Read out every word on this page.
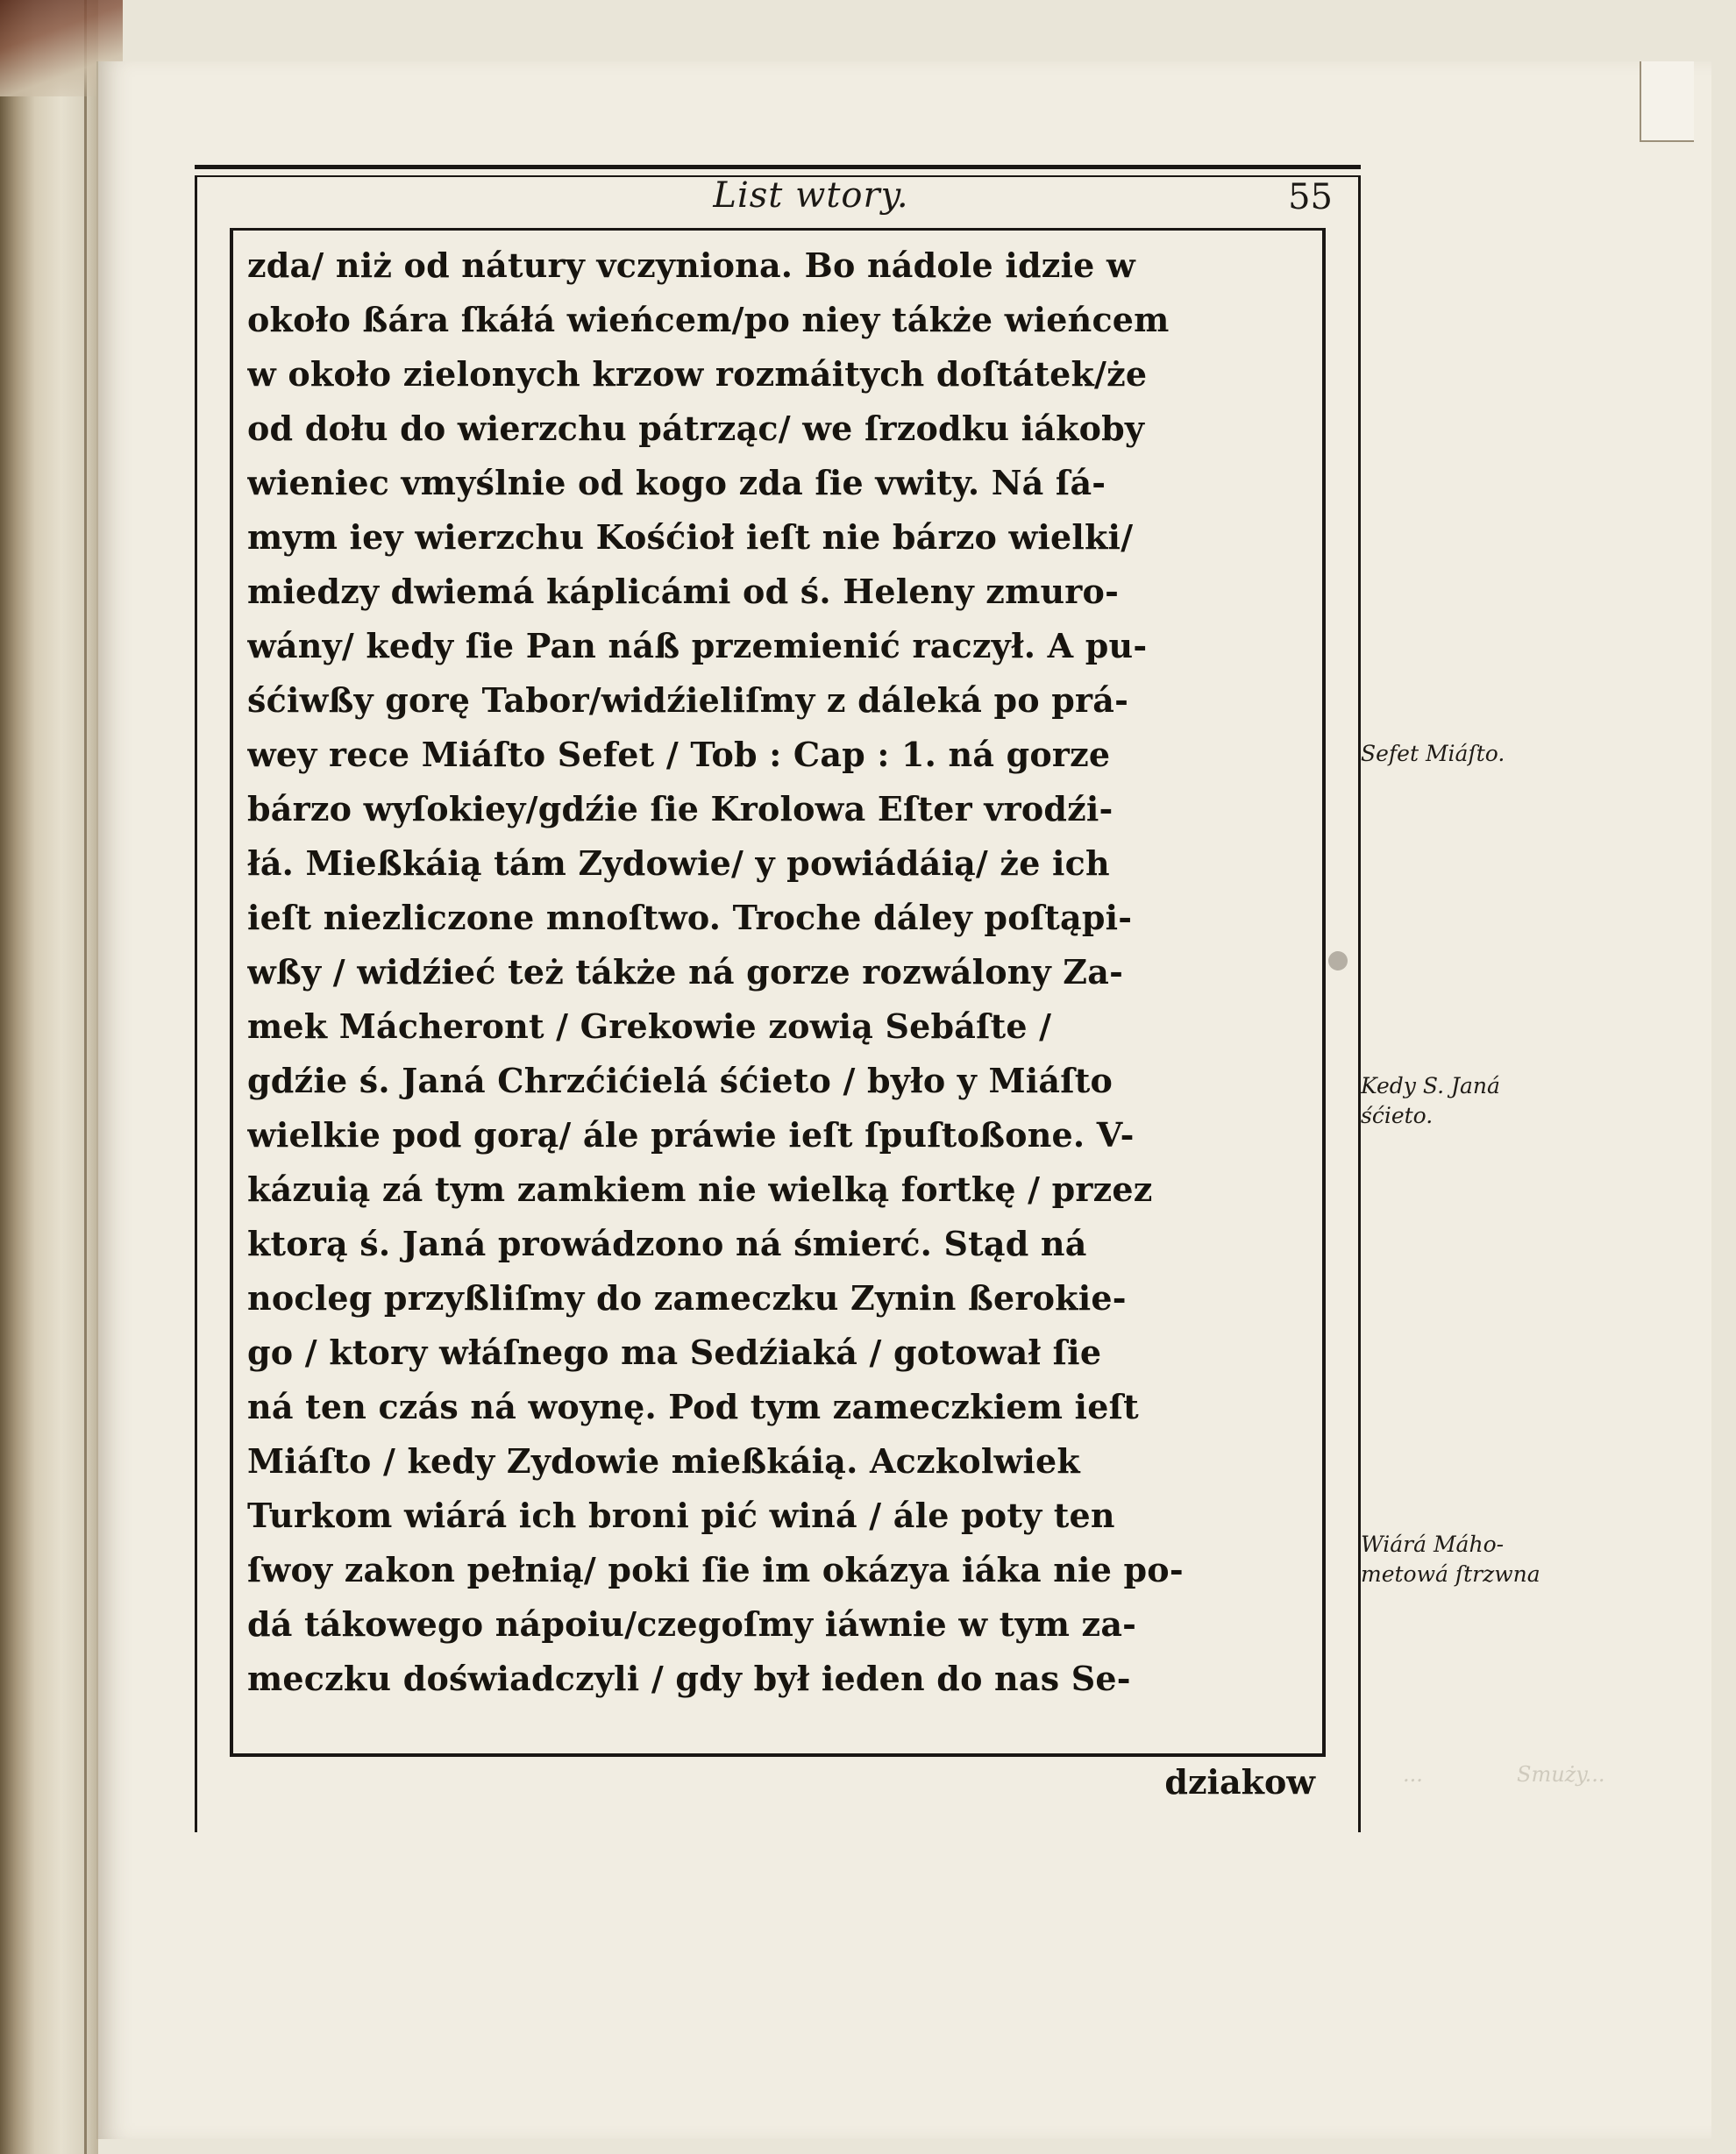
List wtory.	55
zda/ niż od nátury vczyniona. Bo nádole idzie w
około ßára ſkáłá wieńcem/po niey tákże wieńcem
w około zielonych krzow rozmáitych doſtátek/że
od dołu do wierzchu pátrząc/ we ſrzodku iákoby
wieniec vmyślnie od kogo zda ſie vwity. Ná ſá-
mym iey wierzchu Kośćioł ieſt nie bárzo wielki/
miedzy dwiemá káplicámi od ś. Heleny zmuro-
wány/ kedy ſie Pan náß przemienić raczył. A pu-
śćiwßy gorę Tabor/widźieliſmy z dáleká po prá-
wey rece Miáſto Sefet / Tob : Cap : 1. ná gorze
bárzo wyſokiey/gdźie ſie Krolowa Eſter vrodźi-
łá. Mießkáią tám Zydowie/ y powiádáią/ że ich
ieſt niezliczone mnoſtwo. Troche dáley poſtąpi-
wßy / widźieć też tákże ná gorze rozwálony Za-
mek Mácheront / Grekowie zowią Sebáſte /
gdźie ś. Janá Chrzćićielá śćieto / było y Miáſto
wielkie pod gorą/ ále práwie ieſt ſpuſtoßone. V-
kázuią zá tym zamkiem nie wielką fortkę / przez
ktorą ś. Janá prowádzono ná śmierć. Stąd ná
nocleg przyßliſmy do zameczku Zynin ßerokie-
go / ktory włáſnego ma Sedźiaká / gotował ſie
ná ten czás ná woynę. Pod tym zameczkiem ieſt
Miáſto / kedy Zydowie mießkáią. Aczkolwiek
Turkom wiárá ich broni pić winá / ále poty ten
ſwoy zakon pełnią/ poki ſie im okázya iáka nie po-
dá tákowego nápoiu/czegoſmy iáwnie w tym za-
meczku doświadczyli / gdy był ieden do nas Se-
dziakow
Sefet Miáſto.
Kedy S. Janá
śćieto.
Wiárá Máho-
metowá ſtrzwna
...	Smuży...
